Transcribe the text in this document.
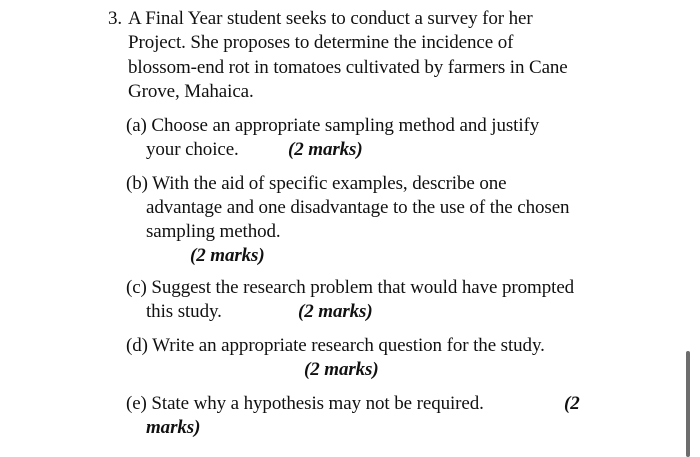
3. A Final Year student seeks to conduct a survey for her
Project. She proposes to determine the incidence of
blossom-end rot in tomatoes cultivated by farmers in Cane
Grove, Mahaica.
(a) Choose an appropriate sampling method and justify
your choice.	(2 marks)
(b) With the aid of specific examples, describe one
advantage and one disadvantage to the use of the chosen
sampling method.
(2 marks)
(c) Suggest the research problem that would have prompted
this study.	(2 marks)
(d) Write an appropriate research question for the study.
(2 marks)
(e) State why a hypothesis may not be required.	(2
marks)
